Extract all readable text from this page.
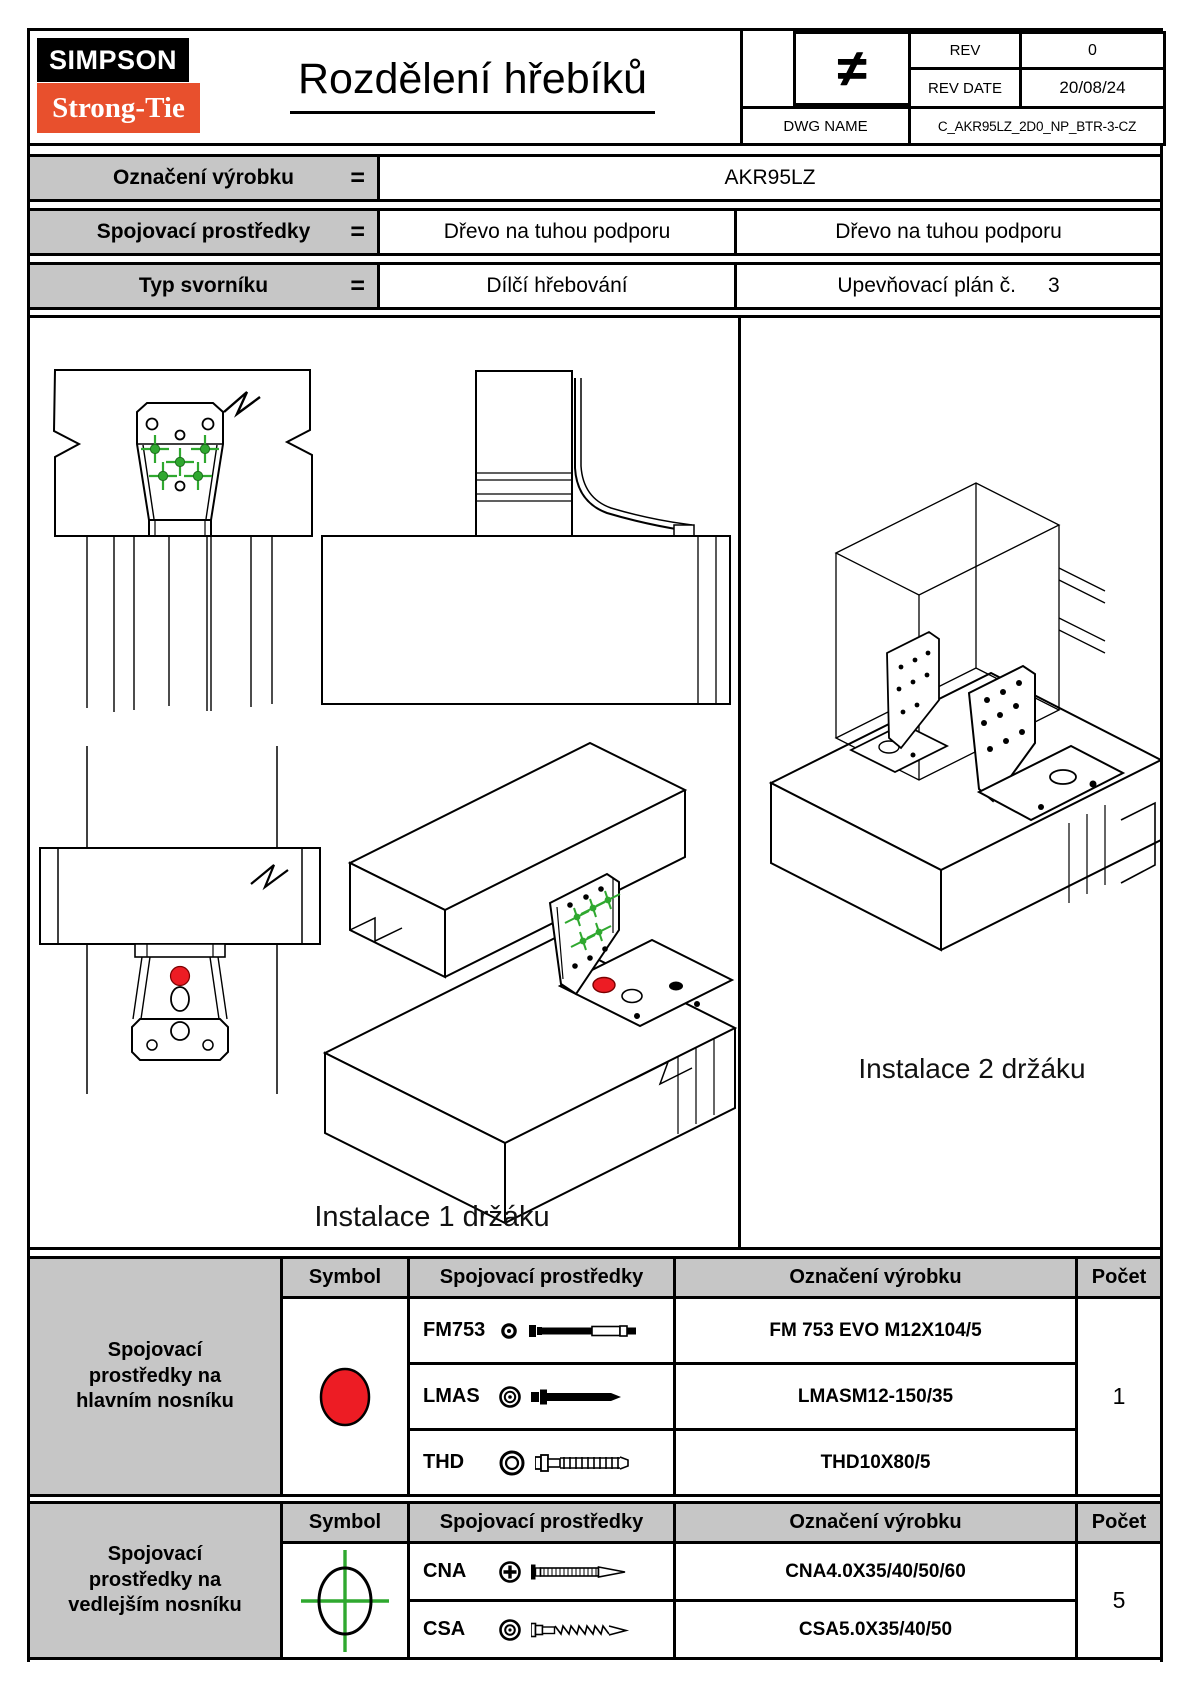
SIMPSON
Strong-Tie
Rozdělení hřebíků	≠	REV	0
REV DATE	20/08/24
DWG NAME	C_AKR95LZ_2D0_NP_BTR-3-CZ
Označení výrobku =	AKR95LZ
Spojovací prostředky =	Dřevo na tuhou podporu	Dřevo na tuhou podporu
Typ svorníku	=	Dílčí hřebování	Upevňovací plán č. 3
Instalace 1 držáku
Instalace 2 držáku
Spojovací prostředky na hlavním nosníku
Symbol	Spojovací prostředky	Označení výrobku	Počet
FM753	FM 753 EVO M12X104/5
LMAS	LMASM12-150/35
THD	THD10X80/5
1
Spojovací prostředky na vedlejším nosníku
Symbol	Spojovací prostředky	Označení výrobku	Počet
CNA	CNA4.0X35/40/50/60
CSA	CSA5.0X35/40/50
5
